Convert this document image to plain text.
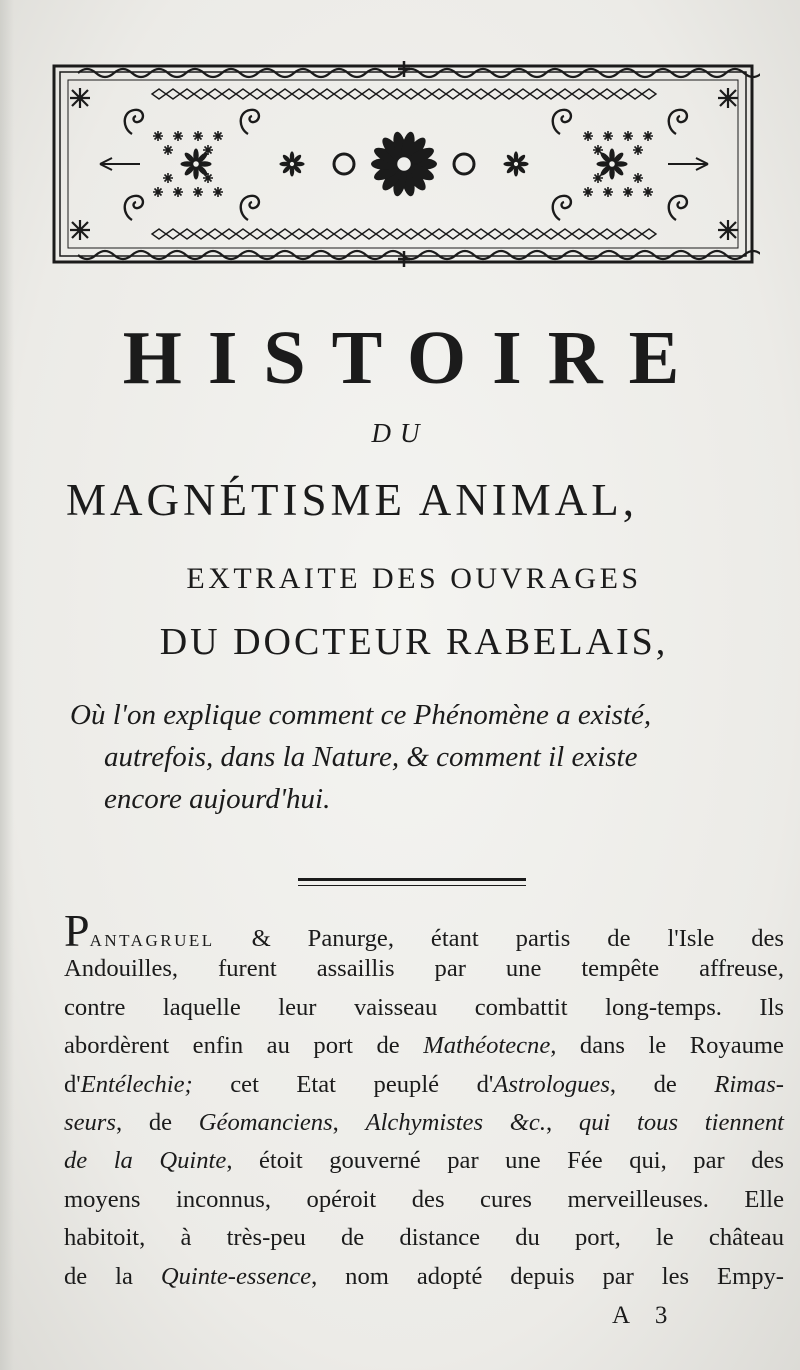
HISTOIRE
DU
MAGNÉTISME ANIMAL,
EXTRAITE DES OUVRAGES
DU DOCTEUR RABELAIS,
Où l'on explique comment ce Phénomène a existé,
autrefois, dans la Nature, & comment il existe
encore aujourd'hui.
Pantagruel & Panurge, étant partis de l'Isle des
Andouilles, furent assaillis par une tempête affreuse,
contre laquelle leur vaisseau combattit long-temps. Ils
abordèrent enfin au port de Mathéotecne, dans le Royaume
d'Entélechie; cet Etat peuplé d'Astrologues, de Rimas-
seurs, de Géomanciens, Alchymistes &c., qui tous tiennent
de la Quinte, étoit gouverné par une Fée qui, par des
moyens inconnus, opéroit des cures merveilleuses. Elle
habitoit, à très-peu de distance du port, le château
de la Quinte-essence, nom adopté depuis par les Empy-
A 3
